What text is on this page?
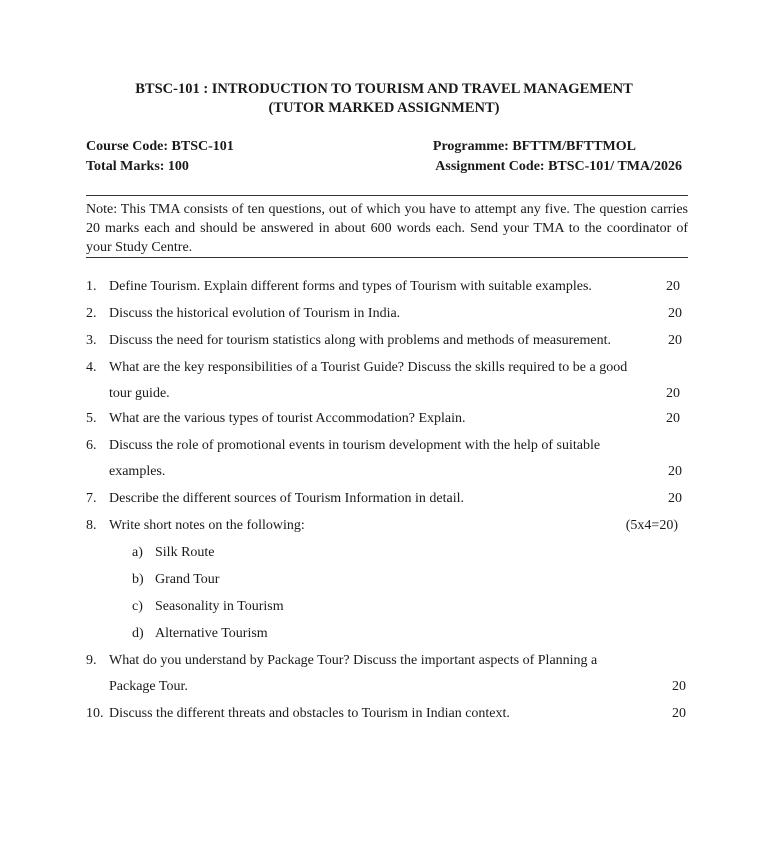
BTSC-101 : INTRODUCTION TO TOURISM AND TRAVEL MANAGEMENT
(TUTOR MARKED ASSIGNMENT)
Course Code: BTSC-101	Programme: BFTTM/BFTTMOL
Total Marks: 100	Assignment Code: BTSC-101/ TMA/2026

Note: This TMA consists of ten questions, out of which you have to attempt any five. The question carries 20 marks each and should be answered in about 600 words each. Send your TMA to the coordinator of your Study Centre.

1. Define Tourism. Explain different forms and types of Tourism with suitable examples.	20
2. Discuss the historical evolution of Tourism in India.	20
3. Discuss the need for tourism statistics along with problems and methods of measurement.	20
4. What are the key responsibilities of a Tourist Guide? Discuss the skills required to be a good
tour guide.	20
5. What are the various types of tourist Accommodation? Explain.	20
6. Discuss the role of promotional events in tourism development with the help of suitable
examples.	20
7. Describe the different sources of Tourism Information in detail.	20
8. Write short notes on the following:	(5x4=20)
a) Silk Route
b) Grand Tour
c) Seasonality in Tourism
d) Alternative Tourism
9. What do you understand by Package Tour? Discuss the important aspects of Planning a
Package Tour.	20
10. Discuss the different threats and obstacles to Tourism in Indian context.	20
